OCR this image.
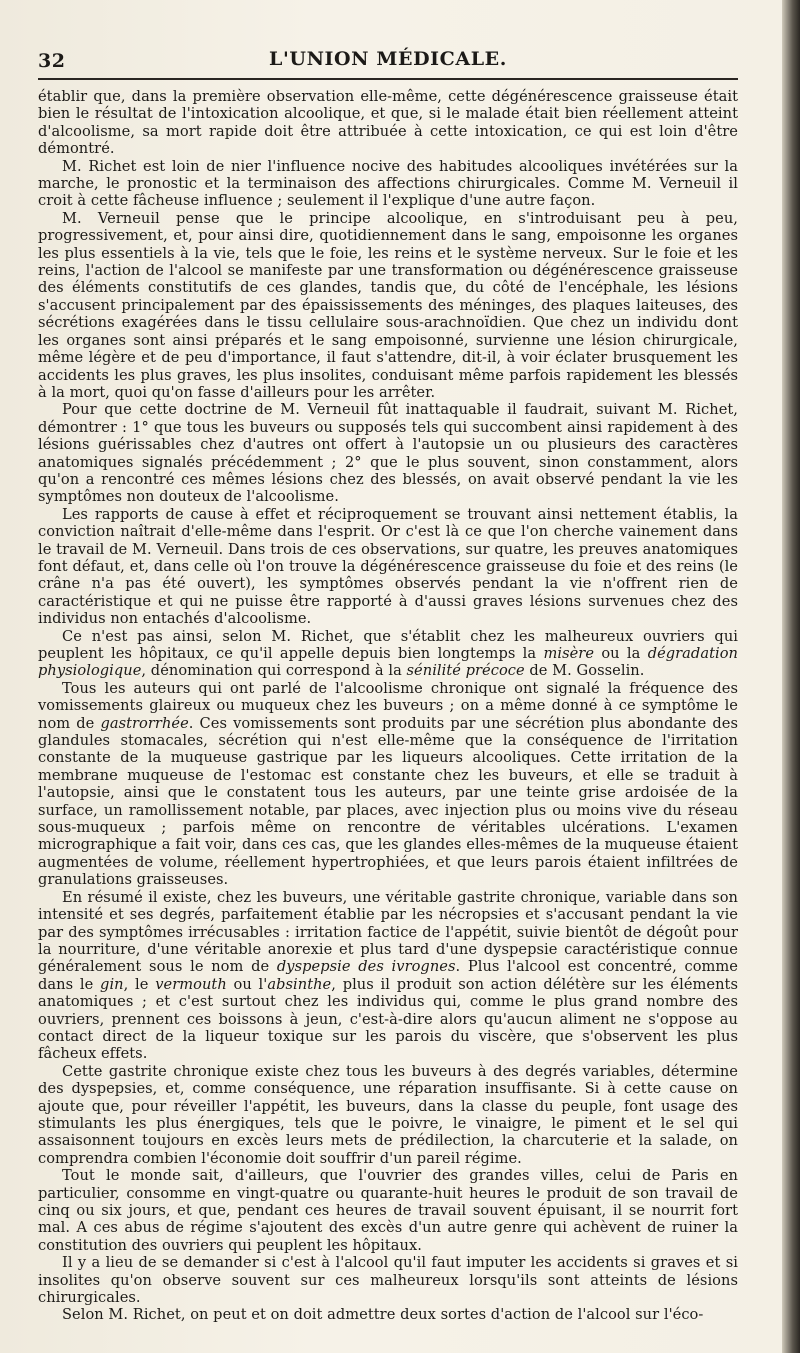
32	L'UNION MÉDICALE.

établir que, dans la première observation elle-même, cette dégénérescence graisseuse était bien le résultat de l'intoxication alcoolique, et que, si le malade était bien réellement atteint d'alcoolisme, sa mort rapide doit être attribuée à cette intoxication, ce qui est loin d'être démontré.

M. Richet est loin de nier l'influence nocive des habitudes alcooliques invétérées sur la marche, le pronostic et la terminaison des affections chirurgicales. Comme M. Verneuil il croit à cette fâcheuse influence ; seulement il l'explique d'une autre façon.

M. Verneuil pense que le principe alcoolique, en s'introduisant peu à peu, progressivement, et, pour ainsi dire, quotidiennement dans le sang, empoisonne les organes les plus essentiels à la vie, tels que le foie, les reins et le système nerveux. Sur le foie et les reins, l'action de l'alcool se manifeste par une transformation ou dégénérescence graisseuse des éléments constitutifs de ces glandes, tandis que, du côté de l'encéphale, les lésions s'accusent principalement par des épaississements des méninges, des plaques laiteuses, des sécrétions exagérées dans le tissu cellulaire sous-arachnoïdien. Que chez un individu dont les organes sont ainsi préparés et le sang empoisonné, survienne une lésion chirurgicale, même légère et de peu d'importance, il faut s'attendre, dit-il, à voir éclater brusquement les accidents les plus graves, les plus insolites, conduisant même parfois rapidement les blessés à la mort, quoi qu'on fasse d'ailleurs pour les arrêter.

Pour que cette doctrine de M. Verneuil fût inattaquable il faudrait, suivant M. Richet, démontrer : 1° que tous les buveurs ou supposés tels qui succombent ainsi rapidement à des lésions guérissables chez d'autres ont offert à l'autopsie un ou plusieurs des caractères anatomiques signalés précédemment ; 2° que le plus souvent, sinon constamment, alors qu'on a rencontré ces mêmes lésions chez des blessés, on avait observé pendant la vie les symptômes non douteux de l'alcoolisme.

Les rapports de cause à effet et réciproquement se trouvant ainsi nettement établis, la conviction naîtrait d'elle-même dans l'esprit. Or c'est là ce que l'on cherche vainement dans le travail de M. Verneuil. Dans trois de ces observations, sur quatre, les preuves anatomiques font défaut, et, dans celle où l'on trouve la dégénérescence graisseuse du foie et des reins (le crâne n'a pas été ouvert), les symptômes observés pendant la vie n'offrent rien de caractéristique et qui ne puisse être rapporté à d'aussi graves lésions survenues chez des individus non entachés d'alcoolisme.

Ce n'est pas ainsi, selon M. Richet, que s'établit chez les malheureux ouvriers qui peuplent les hôpitaux, ce qu'il appelle depuis bien longtemps la misère ou la dégradation physiologique, dénomination qui correspond à la sénilité précoce de M. Gosselin.

Tous les auteurs qui ont parlé de l'alcoolisme chronique ont signalé la fréquence des vomissements glaireux ou muqueux chez les buveurs ; on a même donné à ce symptôme le nom de gastrorrhée. Ces vomissements sont produits par une sécrétion plus abondante des glandules stomacales, sécrétion qui n'est elle-même que la conséquence de l'irritation constante de la muqueuse gastrique par les liqueurs alcooliques. Cette irritation de la membrane muqueuse de l'estomac est constante chez les buveurs, et elle se traduit à l'autopsie, ainsi que le constatent tous les auteurs, par une teinte grise ardoisée de la surface, un ramollissement notable, par places, avec injection plus ou moins vive du réseau sous-muqueux ; parfois même on rencontre de véritables ulcérations. L'examen micrographique a fait voir, dans ces cas, que les glandes elles-mêmes de la muqueuse étaient augmentées de volume, réellement hypertrophiées, et que leurs parois étaient infiltrées de granulations graisseuses.

En résumé il existe, chez les buveurs, une véritable gastrite chronique, variable dans son intensité et ses degrés, parfaitement établie par les nécropsies et s'accusant pendant la vie par des symptômes irrécusables : irritation factice de l'appétit, suivie bientôt de dégoût pour la nourriture, d'une véritable anorexie et plus tard d'une dyspepsie caractéristique connue généralement sous le nom de dyspepsie des ivrognes. Plus l'alcool est concentré, comme dans le gin, le vermouth ou l'absinthe, plus il produit son action délétère sur les éléments anatomiques ; et c'est surtout chez les individus qui, comme le plus grand nombre des ouvriers, prennent ces boissons à jeun, c'est-à-dire alors qu'aucun aliment ne s'oppose au contact direct de la liqueur toxique sur les parois du viscère, que s'observent les plus fâcheux effets.

Cette gastrite chronique existe chez tous les buveurs à des degrés variables, détermine des dyspepsies, et, comme conséquence, une réparation insuffisante. Si à cette cause on ajoute que, pour réveiller l'appétit, les buveurs, dans la classe du peuple, font usage des stimulants les plus énergiques, tels que le poivre, le vinaigre, le piment et le sel qui assaisonnent toujours en excès leurs mets de prédilection, la charcuterie et la salade, on comprendra combien l'économie doit souffrir d'un pareil régime.

Tout le monde sait, d'ailleurs, que l'ouvrier des grandes villes, celui de Paris en particulier, consomme en vingt-quatre ou quarante-huit heures le produit de son travail de cinq ou six jours, et que, pendant ces heures de travail souvent épuisant, il se nourrit fort mal. A ces abus de régime s'ajoutent des excès d'un autre genre qui achèvent de ruiner la constitution des ouvriers qui peuplent les hôpitaux.

Il y a lieu de se demander si c'est à l'alcool qu'il faut imputer les accidents si graves et si insolites qu'on observe souvent sur ces malheureux lorsqu'ils sont atteints de lésions chirurgicales.

Selon M. Richet, on peut et on doit admettre deux sortes d'action de l'alcool sur l'éco-
